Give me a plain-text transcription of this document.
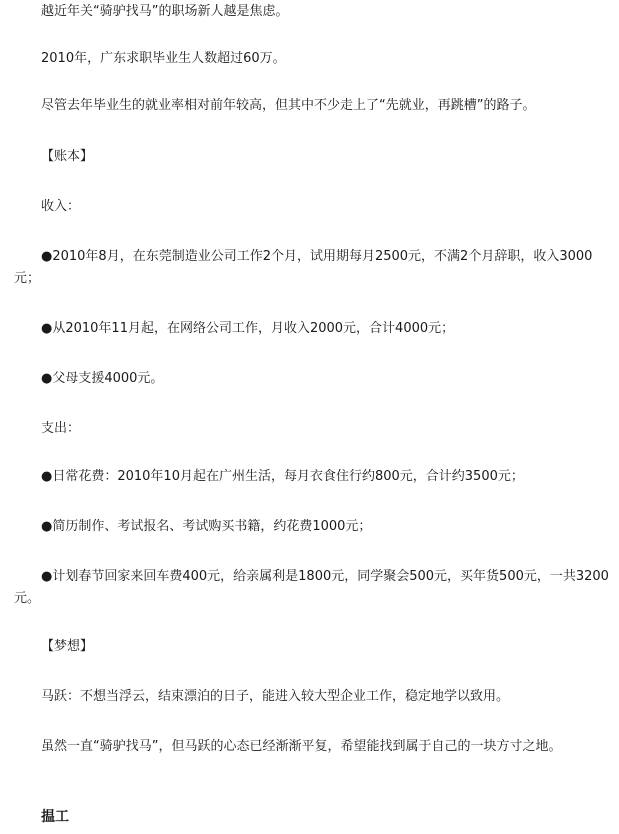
越近年关“骑驴找马”的职场新人越是焦虑。

2010年，广东求职毕业生人数超过60万。

尽管去年毕业生的就业率相对前年较高，但其中不少走上了“先就业，再跳槽”的路子。

【账本】

收入：

●2010年8月，在东莞制造业公司工作2个月，试用期每月2500元，不满2个月辞职，收入3000元；

●从2010年11月起，在网络公司工作，月收入2000元，合计4000元；

●父母支援4000元。

支出：

●日常花费：2010年10月起在广州生活，每月衣食住行约800元，合计约3500元；

●简历制作、考试报名、考试购买书籍，约花费1000元；

●计划春节回家来回车费400元，给亲属利是1800元，同学聚会500元，买年货500元，一共3200元。

【梦想】

马跃：不想当浮云，结束漂泊的日子，能进入较大型企业工作，稳定地学以致用。

虽然一直“骑驴找马”，但马跃的心态已经渐渐平复，希望能找到属于自己的一块方寸之地。

揾工
